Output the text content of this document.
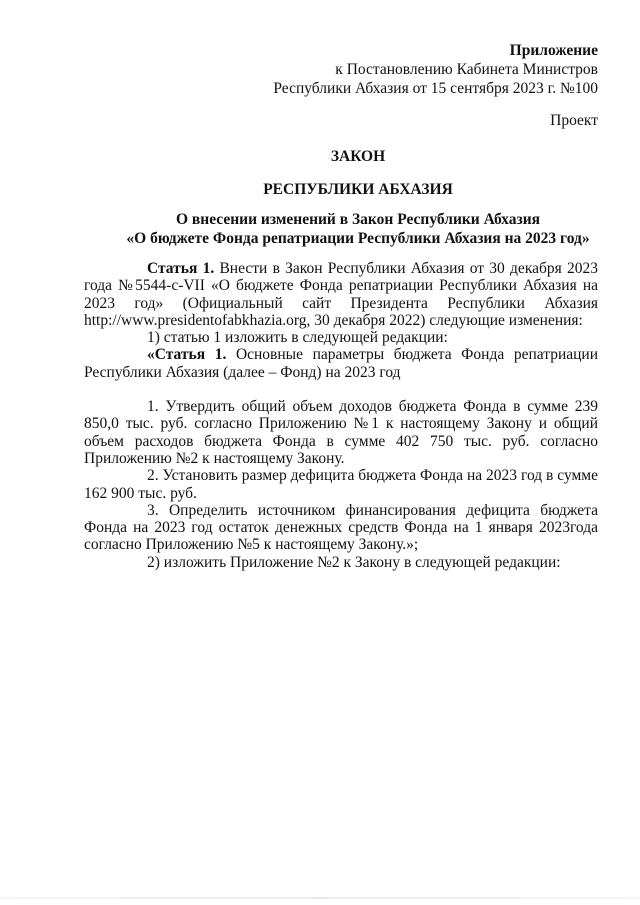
Приложение
к Постановлению Кабинета Министров
Республики Абхазия от 15 сентября 2023 г. №100
Проект
ЗАКОН
РЕСПУБЛИКИ АБХАЗИЯ
О внесении изменений в Закон Республики Абхазия
«О бюджете Фонда репатриации Республики Абхазия на 2023 год»

Статья 1. Внести в Закон Республики Абхазия от 30 декабря 2023 года №5544-с-VII «О бюджете Фонда репатриации Республики Абхазия на 2023 год» (Официальный сайт Президента Республики Абхазия http://www.presidentofabkhazia.org, 30 декабря 2022) следующие изменения:

1) статью 1 изложить в следующей редакции:

«Статья 1. Основные параметры бюджета Фонда репатриации Республики Абхазия (далее – Фонд) на 2023 год

1. Утвердить общий объем доходов бюджета Фонда в сумме 239 850,0 тыс. руб. согласно Приложению №1 к настоящему Закону и общий объем расходов бюджета Фонда в сумме 402 750 тыс. руб. согласно Приложению №2 к настоящему Закону.

2. Установить размер дефицита бюджета Фонда на 2023 год в сумме 162 900 тыс. руб.

3. Определить источником финансирования дефицита бюджета Фонда на 2023 год остаток денежных средств Фонда на 1 января 2023года согласно Приложению №5 к настоящему Закону.»;

2) изложить Приложение №2 к Закону в следующей редакции:
